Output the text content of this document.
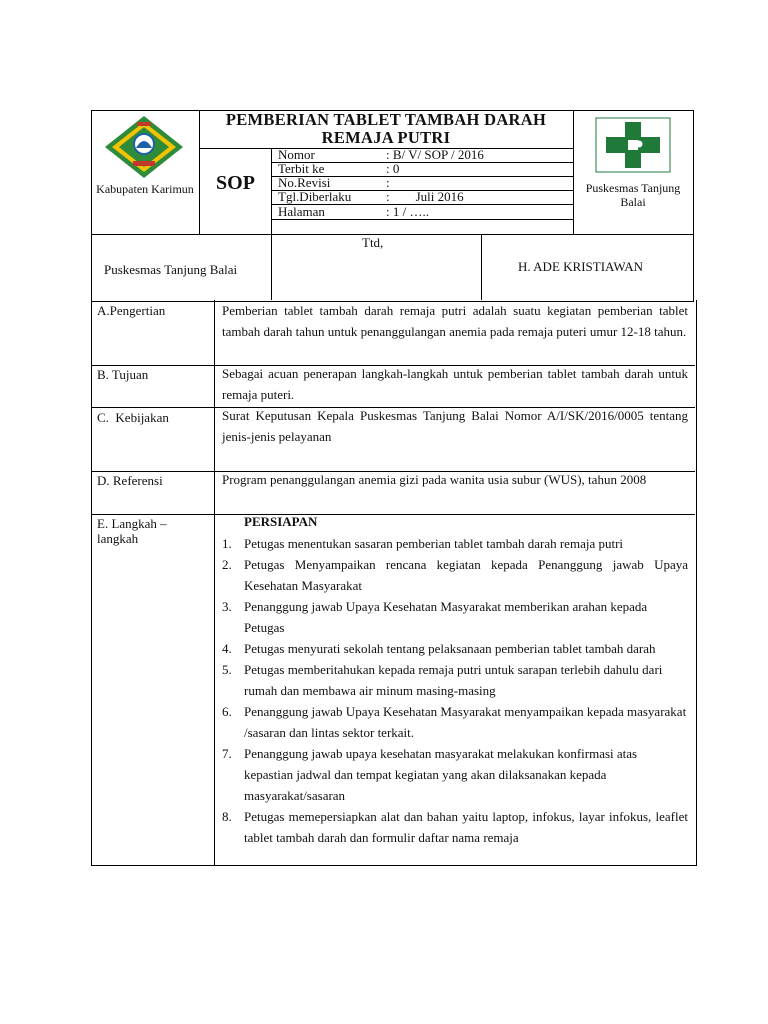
Kabupaten Karimun
PEMBERIAN TABLET TAMBAH DARAH REMAJA PUTRI
SOP
Nomor	: B/ V/ SOP / 2016
Terbit ke	: 0
No.Revisi	:
Tgl.Diberlaku	:        Juli 2016
Halaman	: 1 / …..
Puskesmas Tanjung Balai
Puskesmas Tanjung Balai
Ttd,
H. ADE KRISTIAWAN
A.Pengertian	Pemberian tablet tambah darah remaja putri adalah suatu kegiatan pemberian tablet tambah darah tahun untuk penanggulangan anemia pada remaja puteri umur 12-18 tahun.
B. Tujuan	Sebagai acuan penerapan langkah-langkah untuk pemberian tablet tambah darah untuk remaja puteri.
C.  Kebijakan	Surat Keputusan Kepala Puskesmas Tanjung Balai Nomor A/I/SK/2016/0005 tentang jenis-jenis pelayanan
D. Referensi	Program penanggulangan anemia gizi pada wanita usia subur (WUS), tahun 2008
E. Langkah – langkah
PERSIAPAN
1. Petugas menentukan sasaran pemberian tablet tambah darah remaja putri
2. Petugas Menyampaikan rencana kegiatan kepada Penanggung jawab Upaya Kesehatan Masyarakat
3. Penanggung jawab Upaya Kesehatan Masyarakat memberikan arahan kepada Petugas
4. Petugas menyurati sekolah tentang pelaksanaan pemberian tablet tambah darah
5. Petugas memberitahukan kepada remaja putri untuk sarapan terlebih dahulu dari rumah dan membawa air minum masing-masing
6. Penanggung jawab Upaya Kesehatan Masyarakat menyampaikan kepada masyarakat /sasaran dan lintas sektor terkait.
7. Penanggung jawab upaya kesehatan masyarakat melakukan konfirmasi atas kepastian jadwal dan tempat kegiatan yang akan dilaksanakan kepada masyarakat/sasaran
8. Petugas memepersiapkan alat dan bahan yaitu laptop, infokus, layar infokus, leaflet tablet tambah darah dan formulir daftar nama remaja
